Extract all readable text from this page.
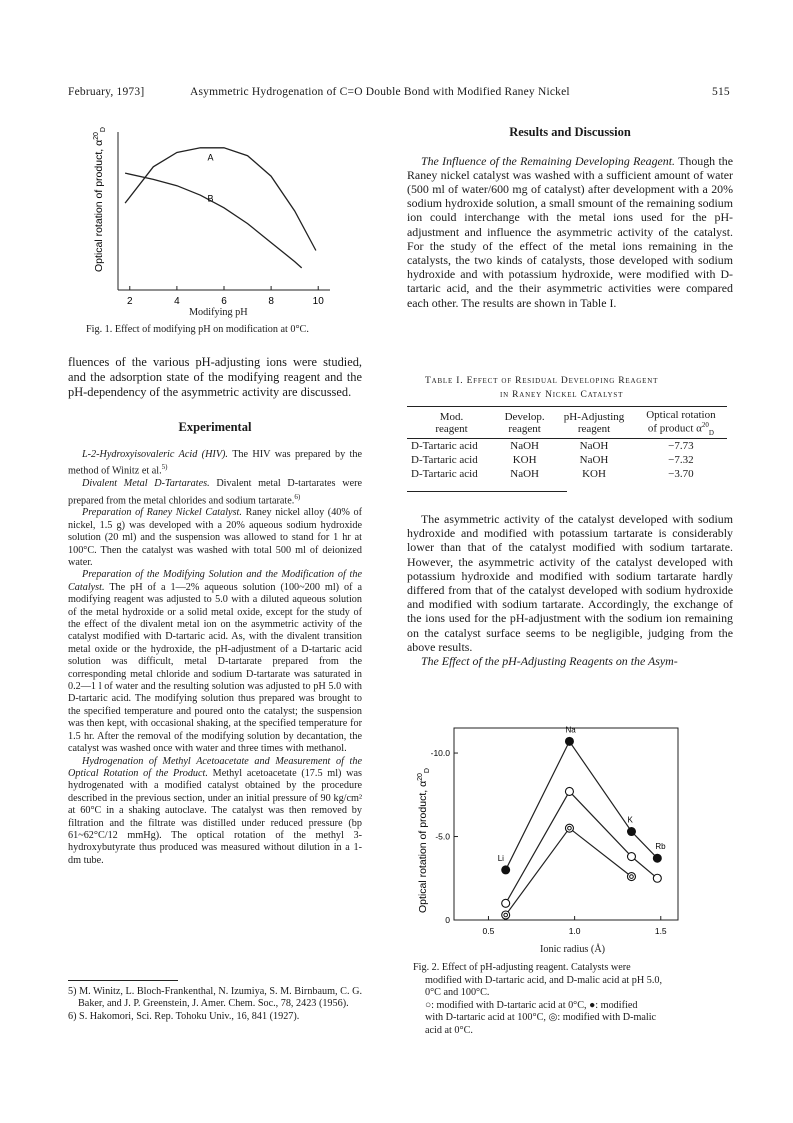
February, 1973]	Asymmetric Hydrogenation of C=O Double Bond with Modified Raney Nickel	515
2	4	6	8	10
A
B
Optical rotation of product, $\alpha^{20}_D$
Modifying pH
Fig. 1. Effect of modifying pH on modification at 0°C.

fluences of the various pH-adjusting ions were studied, and the adsorption state of the modifying reagent and the pH-dependency of the asymmetric activity are discussed.

Experimental

L-2-Hydroxyisovaleric Acid (HIV). The HIV was prepared by the method of Winitz et al.$^{5)}$

Divalent Metal D-Tartarates. Divalent metal D-tartarates were prepared from the metal chlorides and sodium tartarate.$^{6)}$

Preparation of Raney Nickel Catalyst. Raney nickel alloy (40% of nickel, 1.5 g) was developed with a 20% aqueous sodium hydroxide solution (20 ml) and the suspension was allowed to stand for 1 hr at 100°C. Then the catalyst was washed with total 500 ml of deionized water.

Preparation of the Modifying Solution and the Modification of the Catalyst. The pH of a 1—2% aqueous solution (100~200 ml) of a modifying reagent was adjusted to 5.0 with a diluted aqueous solution of the metal hydroxide or a solid metal oxide, except for the study of the effect of the divalent metal ion on the asymmetric activity of the catalyst modified with D-tartaric acid. As, with the divalent transition metal oxide or the hydroxide, the pH-adjustment of a D-tartaric acid solution was difficult, metal D-tartarate prepared from the corresponding metal chloride and sodium D-tartarate was saturated in 0.2—1 l of water and the resulting solution was adjusted to pH 5.0 with D-tartaric acid. The modifying solution thus prepared was brought to the specified temperature and poured onto the catalyst; the suspension was then kept, with occasional shaking, at the specified temperature for 1.5 hr. After the removal of the modifying solution by decantation, the catalyst was washed once with water and three times with methanol.

Hydrogenation of Methyl Acetoacetate and Measurement of the Optical Rotation of the Product. Methyl acetoacetate (17.5 ml) was hydrogenated with a modified catalyst obtained by the procedure described in the previous section, under an initial pressure of 90 kg/cm² at 60°C in a shaking autoclave. The catalyst was then removed by filtration and the filtrate was distilled under reduced pressure (bp 61~62°C/12 mmHg). The optical rotation of the methyl 3-hydroxybutyrate thus produced was measured without dilution in a 1-dm tube.

5) M. Winitz, L. Bloch-Frankenthal, N. Izumiya, S. M. Birnbaum, C. G. Baker, and J. P. Greenstein, J. Amer. Chem. Soc., 78, 2423 (1956).

6) S. Hakomori, Sci. Rep. Tohoku Univ., 16, 841 (1927).

Results and Discussion

The Influence of the Remaining Developing Reagent. Though the Raney nickel catalyst was washed with a sufficient amount of water (500 ml of water/600 mg of catalyst) after development with a 20% sodium hydroxide solution, a small smount of the remaining sodium ion could interchange with the metal ions used for the pH-adjustment and influence the asymmetric activity of the catalyst. For the study of the effect of the metal ions remaining in the catalysts, the two kinds of catalysts, those developed with sodium hydroxide and with potassium hydroxide, were modified with D-tartaric acid, and the their asymmetric activities were compared each other. The results are shown in Table I.

Table I. Effect of Residual Developing Reagent
in Raney Nickel Catalyst
Mod.
reagent	Develop.
reagent	pH-Adjusting
reagent	Optical rotation
of product $\alpha^{20}_D$
D-Tartaric acid	NaOH	NaOH	−7.73
D-Tartaric acid	KOH	NaOH	−7.32
D-Tartaric acid	NaOH	KOH	−3.70

The asymmetric activity of the catalyst developed with sodium hydroxide and modified with potassium tartarate is considerably lower than that of the catalyst modified with sodium tartarate. However, the asymmetric activity of the catalyst developed with potassium hydroxide and modified with sodium tartarate hardly differed from that of the catalyst developed with sodium hydroxide and modified with sodium tartarate. Accordingly, the exchange of the ions used for the pH-adjustment with the sodium ion remaining on the catalyst surface seems to be negligible, judging from the above results.

The Effect of the pH-Adjusting Reagents on the Asym-

0.5	1.0	1.5
-10.0
-5.0
0
Li
Na
K
Rb
Optical rotation of product, $\alpha^{20}_D$
Ionic radius (Å)
Fig. 2. Effect of pH-adjusting reagent. Catalysts were
modified with D-tartaric acid, and D-malic acid at pH 5.0,
0°C and 100°C.
○: modified with D-tartaric acid at 0°C, ●: modified
with D-tartaric acid at 100°C, ◎: modified with D-malic
acid at 0°C.
